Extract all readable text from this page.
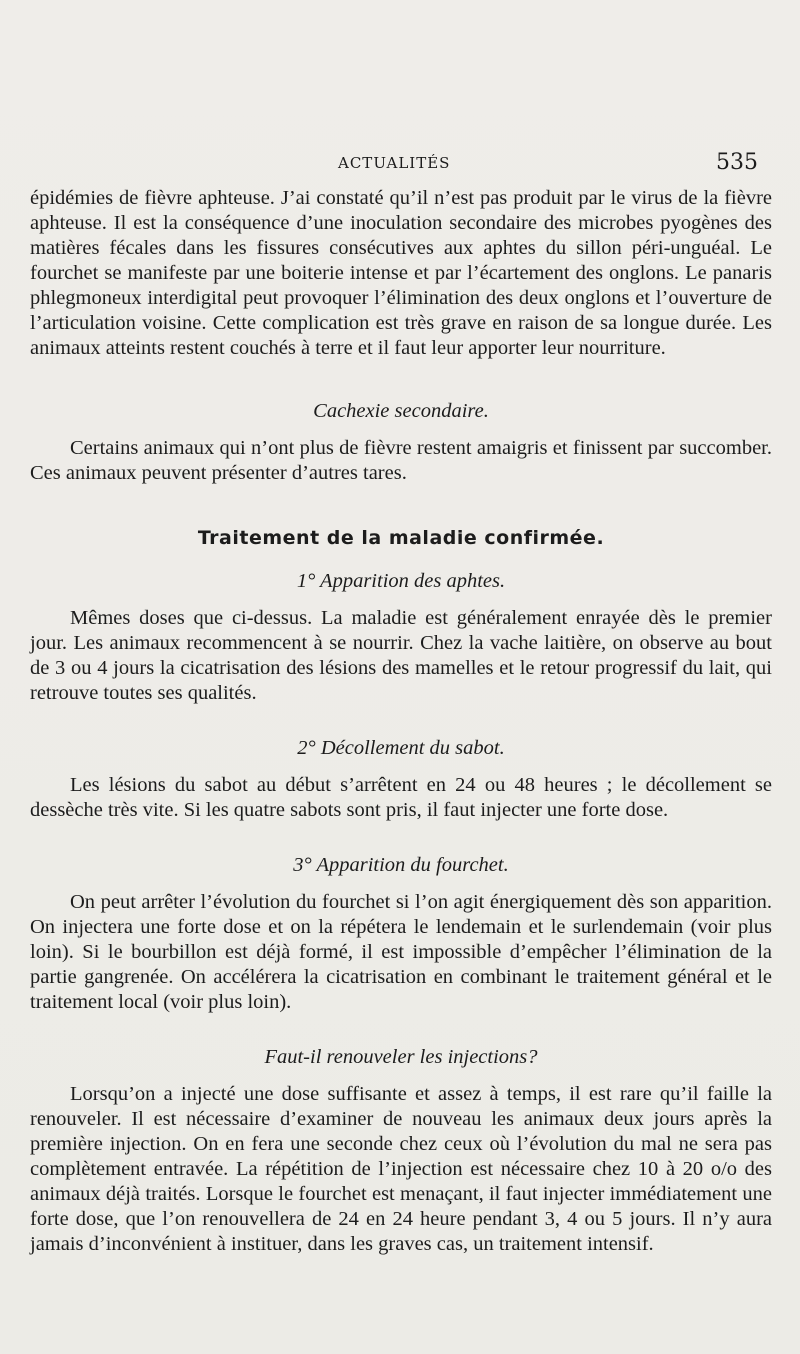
ACTUALITÉS	535

épidémies de fièvre aphteuse. J’ai constaté qu’il n’est pas produit par le virus de la fièvre aphteuse. Il est la conséquence d’une inoculation secondaire des microbes pyogènes des matières fécales dans les fissures consécutives aux aphtes du sillon péri-unguéal. Le fourchet se manifeste par une boiterie intense et par l’écartement des onglons. Le panaris phlegmoneux interdigital peut provoquer l’élimination des deux onglons et l’ouverture de l’articulation voisine. Cette complication est très grave en raison de sa longue durée. Les animaux atteints restent couchés à terre et il faut leur apporter leur nourriture.

Cachexie secondaire.

Certains animaux qui n’ont plus de fièvre restent amaigris et finissent par succomber. Ces animaux peuvent présenter d’autres tares.

Traitement de la maladie confirmée.

1° Apparition des aphtes.

Mêmes doses que ci-dessus. La maladie est généralement enrayée dès le premier jour. Les animaux recommencent à se nourrir. Chez la vache laitière, on observe au bout de 3 ou 4 jours la cicatrisation des lésions des mamelles et le retour progressif du lait, qui retrouve toutes ses qualités.

2° Décollement du sabot.

Les lésions du sabot au début s’arrêtent en 24 ou 48 heures ; le décollement se dessèche très vite. Si les quatre sabots sont pris, il faut injecter une forte dose.

3° Apparition du fourchet.

On peut arrêter l’évolution du fourchet si l’on agit énergiquement dès son apparition. On injectera une forte dose et on la répétera le lendemain et le surlendemain (voir plus loin). Si le bourbillon est déjà formé, il est impossible d’empêcher l’élimination de la partie gangrenée. On accélérera la cicatrisation en combinant le traitement général et le traitement local (voir plus loin).

Faut-il renouveler les injections?

Lorsqu’on a injecté une dose suffisante et assez à temps, il est rare qu’il faille la renouveler. Il est nécessaire d’examiner de nouveau les animaux deux jours après la première injection. On en fera une seconde chez ceux où l’évolution du mal ne sera pas complètement entravée. La répétition de l’injection est nécessaire chez 10 à 20 o/o des animaux déjà traités. Lorsque le fourchet est menaçant, il faut injecter immédiatement une forte dose, que l’on renouvellera de 24 en 24 heure pendant 3, 4 ou 5 jours. Il n’y aura jamais d’inconvénient à instituer, dans les graves cas, un traitement intensif.
